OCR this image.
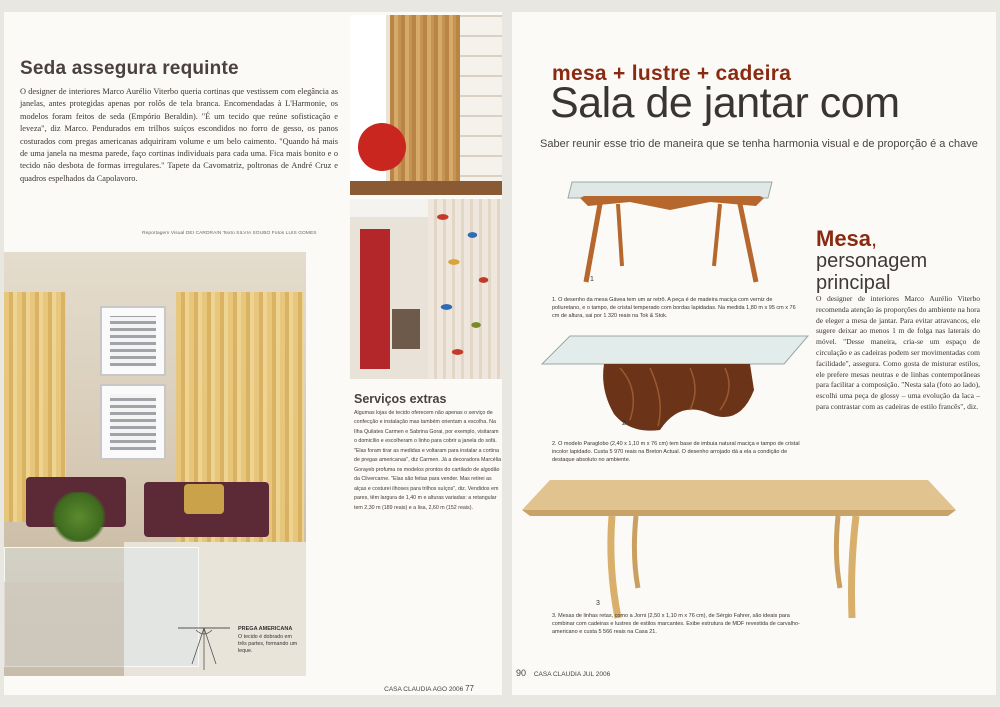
Seda assegura requinte

O designer de interiores Marco Aurélio Viterbo queria cortinas que vestissem com elegância as janelas, antes protegidas apenas por rolôs de tela branca. Encomendadas à L'Harmonie, os modelos foram feitos de seda (Empório Beraldin). "É um tecido que reúne sofisticação e leveza", diz Marco. Pendurados em trilhos suíços escondidos no forro de gesso, os panos costurados com pregas americanas adquiriram volume e um belo caimento. "Quando há mais de uma janela na mesma parede, faço cortinas individuais para cada uma. Fica mais bonito e o tecido não desbota de formas irregulares." Tapete da Cavomatriz, poltronas de André Cruz e quadros espelhados da Capolavoro.

Reportagem Visual DEI CARDRAIN Texto SILVIA SOUBO Fotos LUIS GOMES
PREGA AMERICANA
O tecido é dobrado em três partes, formando um leque.
Serviços extras

Algumas lojas de tecido oferecem não apenas o serviço de confecção e instalação mas também orientam a escolha. Na Ilha Quilates Carmen e Sabrina Gorai, por exemplo, visitaram o domicílio e escolheram o linho para cobrir a janela do sofá. "Elas foram tirar as medidas e voltaram para instalar a cortina de pregas americanas", diz Carmen. Já a decoradora Marcélia Gorayeb profuma os modelos prontos do cartilado de algodão da Clivercarne. "Elas são feitas para vender. Mas retirei as alças e costurei ilhoses para trilhos suíços", diz. Vendidos em pares, têm largura de 1,40 m e alturas variadas: a retangular tem 2,30 m (189 reais) e a lisa, 2,60 m (152 reais).

CASA CLAUDIA AGO 2006 77
mesa + lustre + cadeira
Sala de jantar com
Saber reunir esse trio de maneira que se tenha harmonia visual e de proporção é a chave
1
1. O desenho da mesa Gávea tem um ar retrô. A peça é de madeira maciça com verniz de poliuretano, e o tampo, de cristal temperado com bordas lapidadas. Na medida 1,80 m x 95 cm x 76 cm de altura, sai por 1 320 reais na Tok & Stok.
2
2. O modelo Paraglobo (2,40 x 1,10 m x 76 cm) tem base de imbuia natural maciça e tampo de cristal incolor lapidado. Custa 5 970 reais na Breton Actual. O desenho arrojado dá a ela a condição de destaque absoluto no ambiente.
3
3. Mesas de linhas retas, como a Jorni (2,50 x 1,10 m x 76 cm), de Sérgio Fahrer, são ideais para combinar com cadeiras e lustres de estilos marcantes. Exibe estrutura de MDF revestida de carvalho-americano e custa 5 566 reais na Casa 21.
Mesa,
personagem principal

O designer de interiores Marco Aurélio Viterbo recomenda atenção às proporções do ambiente na hora de eleger a mesa de jantar. Para evitar atravancos, ele sugere deixar ao menos 1 m de folga nas laterais do móvel. "Desse maneira, cria-se um espaço de circulação e as cadeiras podem ser movimentadas com facilidade", assegura. Como gosta de misturar estilos, ele prefere mesas neutras e de linhas contemporâneas para facilitar a composição. "Nesta sala (foto ao lado), escolhi uma peça de glossy – uma evolução da laca – para contrastar com as cadeiras de estilo francês", diz.

90 CASA CLAUDIA JUL 2006
